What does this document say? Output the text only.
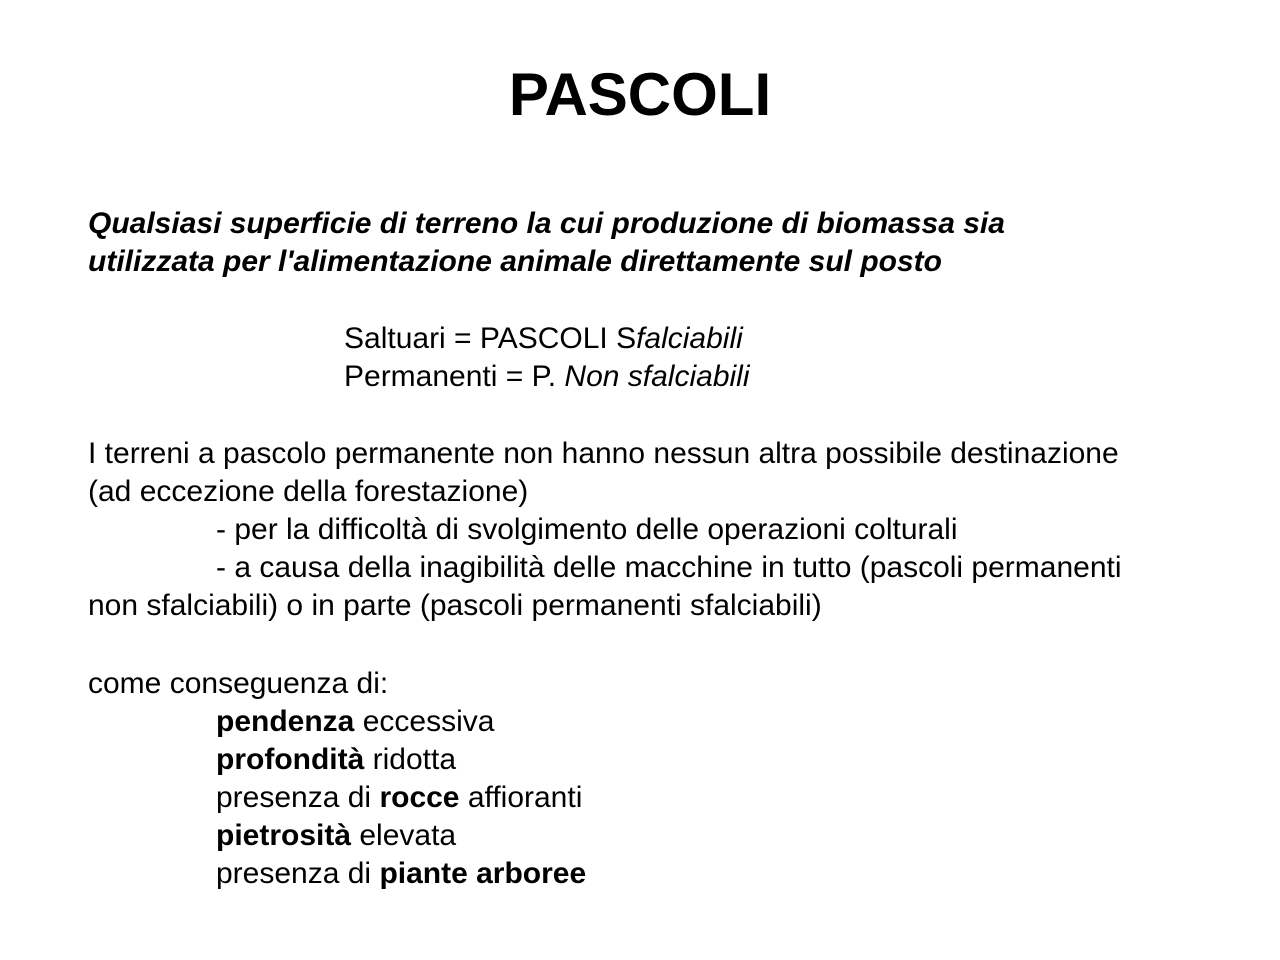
PASCOLI

Qualsiasi superficie di terreno la cui produzione di biomassa sia

utilizzata per l'alimentazione animale direttamente sul posto

Saltuari = PASCOLI Sfalciabili

Permanenti = P. Non sfalciabili

I terreni a pascolo permanente non hanno nessun altra possibile destinazione

(ad eccezione della forestazione)

- per la difficoltà di svolgimento delle operazioni colturali

- a causa della inagibilità delle macchine in tutto (pascoli permanenti

non sfalciabili) o in parte (pascoli permanenti sfalciabili)

come conseguenza di:

pendenza eccessiva

profondità ridotta

presenza di rocce affioranti

pietrosità elevata

presenza di piante arboree
